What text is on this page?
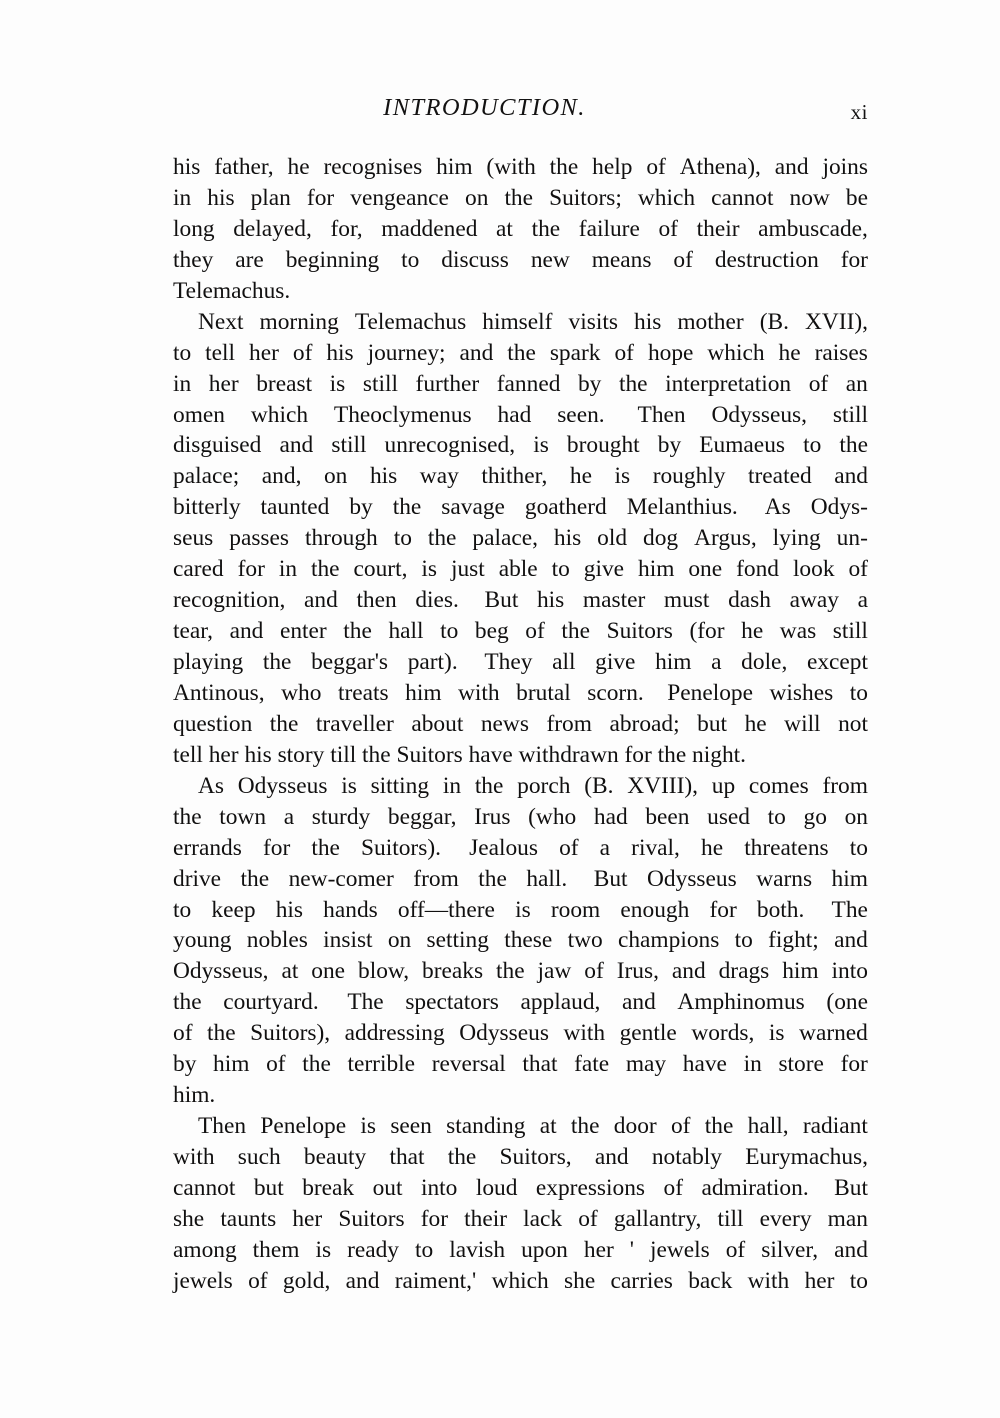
INTRODUCTION.	xi
his father, he recognises him (with the help of Athena), and joins
in his plan for vengeance on the Suitors; which cannot now be
long delayed, for, maddened at the failure of their ambuscade,
they are beginning to discuss new means of destruction for
Telemachus.
Next morning Telemachus himself visits his mother (B. XVII),
to tell her of his journey; and the spark of hope which he raises
in her breast is still further fanned by the interpretation of an
omen which Theoclymenus had seen. Then Odysseus, still
disguised and still unrecognised, is brought by Eumaeus to the
palace; and, on his way thither, he is roughly treated and
bitterly taunted by the savage goatherd Melanthius. As Odys-
seus passes through to the palace, his old dog Argus, lying un-
cared for in the court, is just able to give him one fond look of
recognition, and then dies. But his master must dash away a
tear, and enter the hall to beg of the Suitors (for he was still
playing the beggar's part). They all give him a dole, except
Antinous, who treats him with brutal scorn. Penelope wishes to
question the traveller about news from abroad; but he will not
tell her his story till the Suitors have withdrawn for the night.
As Odysseus is sitting in the porch (B. XVIII), up comes from
the town a sturdy beggar, Irus (who had been used to go on
errands for the Suitors). Jealous of a rival, he threatens to
drive the new-comer from the hall. But Odysseus warns him
to keep his hands off—there is room enough for both. The
young nobles insist on setting these two champions to fight; and
Odysseus, at one blow, breaks the jaw of Irus, and drags him into
the courtyard. The spectators applaud, and Amphinomus (one
of the Suitors), addressing Odysseus with gentle words, is warned
by him of the terrible reversal that fate may have in store for
him.
Then Penelope is seen standing at the door of the hall, radiant
with such beauty that the Suitors, and notably Eurymachus,
cannot but break out into loud expressions of admiration. But
she taunts her Suitors for their lack of gallantry, till every man
among them is ready to lavish upon her ' jewels of silver, and
jewels of gold, and raiment,' which she carries back with her to
